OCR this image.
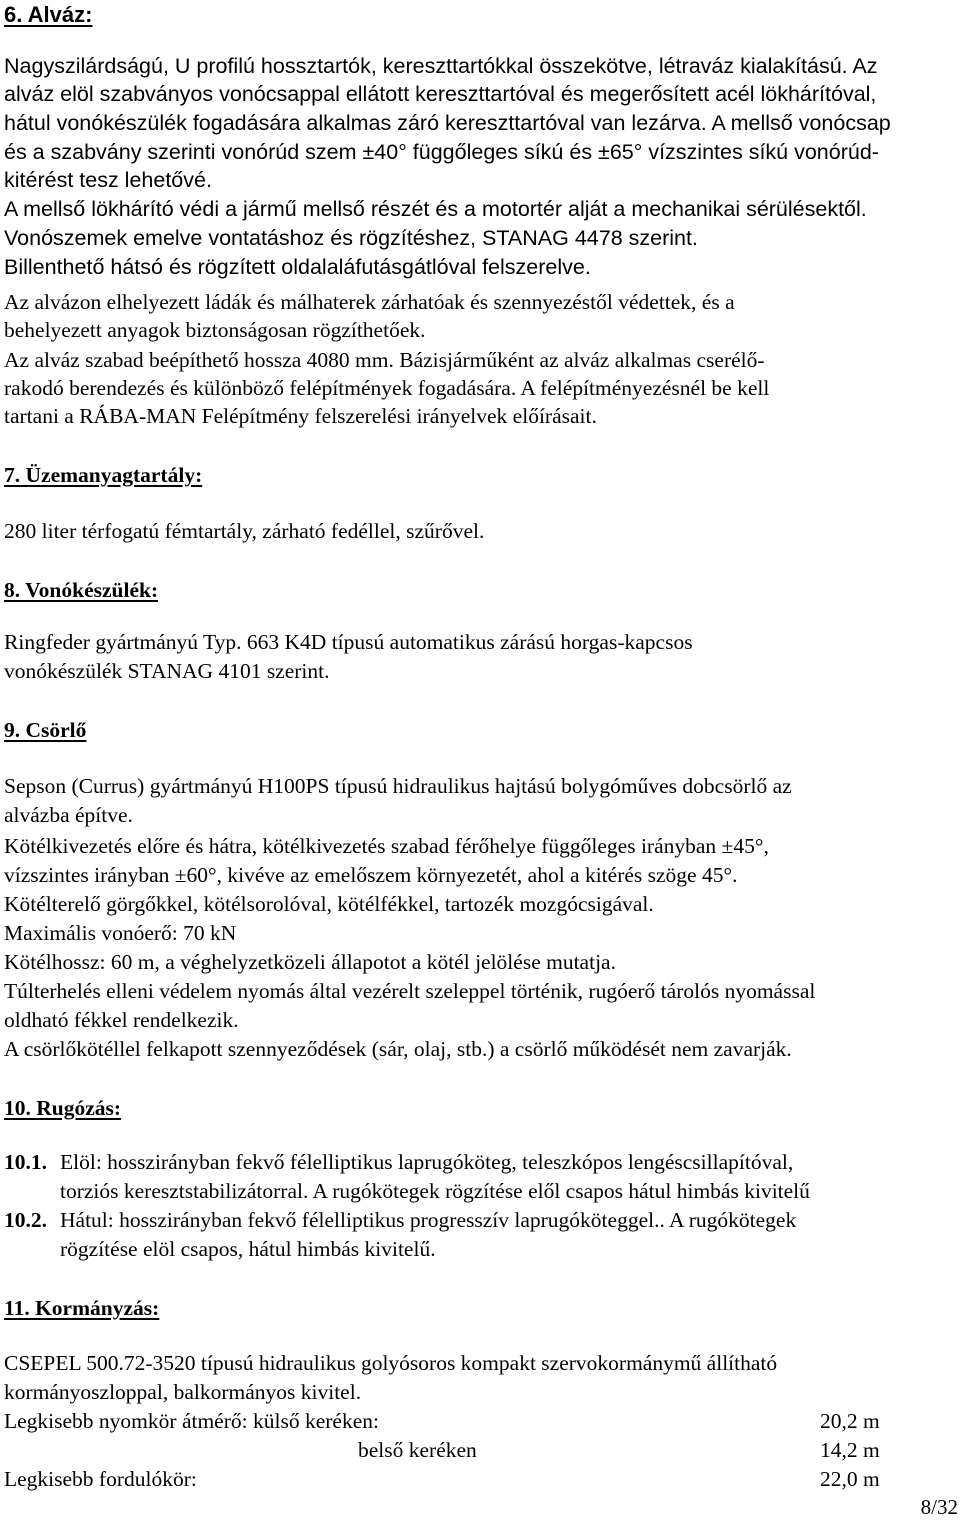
6. Alváz:
Nagyszilárdságú, U profilú hossztartók, kereszttartókkal összekötve, létraváz kialakítású. Az
alváz elöl szabványos vonócsappal ellátott kereszttartóval és megerősített acél lökhárítóval,
hátul vonókészülék fogadására alkalmas záró kereszttartóval van lezárva. A mellső vonócsap
és a szabvány szerinti vonórúd szem ±40° függőleges síkú és ±65° vízszintes síkú vonórúd-
kitérést tesz lehetővé.
A mellső lökhárító védi a jármű mellső részét és a motortér alját a mechanikai sérülésektől.
Vonószemek emelve vontatáshoz és rögzítéshez, STANAG 4478 szerint.
Billenthető hátsó és rögzített oldalaláfutásgátlóval felszerelve.
Az alvázon elhelyezett ládák és málhaterek zárhatóak és szennyezéstől védettek, és a
behelyezett anyagok biztonságosan rögzíthetőek.
Az alváz szabad beépíthető hossza 4080 mm. Bázisjárműként az alváz alkalmas cserélő-
rakodó berendezés és különböző felépítmények fogadására. A felépítményezésnél be kell
tartani a RÁBA-MAN Felépítmény felszerelési irányelvek előírásait.
7. Üzemanyagtartály:
280 liter térfogatú fémtartály, zárható fedéllel, szűrővel.
8. Vonókészülék:
Ringfeder gyártmányú Typ. 663 K4D típusú automatikus zárású horgas-kapcsos
vonókészülék STANAG 4101 szerint.
9. Csörlő
Sepson (Currus) gyártmányú H100PS típusú hidraulikus hajtású bolygóműves dobcsörlő az
alvázba építve.
Kötélkivezetés előre és hátra, kötélkivezetés szabad férőhelye függőleges irányban ±45°,
vízszintes irányban ±60°, kivéve az emelőszem környezetét, ahol a kitérés szöge 45°.
Kötélterelő görgőkkel, kötélsorolóval, kötélfékkel, tartozék mozgócsigával.
Maximális vonóerő: 70 kN
Kötélhossz: 60 m, a véghelyzetközeli állapotot a kötél jelölése mutatja.
Túlterhelés elleni védelem nyomás által vezérelt szeleppel történik, rugóerő tárolós nyomással
oldható fékkel rendelkezik.
A csörlőkötéllel felkapott szennyeződések (sár, olaj, stb.) a csörlő működését nem zavarják.
10. Rugózás:
10.1. Elöl: hosszirányban fekvő félelliptikus laprugóköteg, teleszkópos lengéscsillapítóval,
torziós keresztstabilizátorral. A rugókötegek rögzítése elől csapos hátul himbás kivitelű
10.2. Hátul: hosszirányban fekvő félelliptikus progresszív laprugóköteggel.. A rugókötegek
rögzítése elöl csapos, hátul himbás kivitelű.
11. Kormányzás:
CSEPEL 500.72-3520 típusú hidraulikus golyósoros kompakt szervokormánymű állítható
kormányoszloppal, balkormányos kivitel.
Legkisebb nyomkör átmérő: külső keréken:	20,2 m
belső keréken	14,2 m
Legkisebb fordulókör:	22,0 m
8/32
